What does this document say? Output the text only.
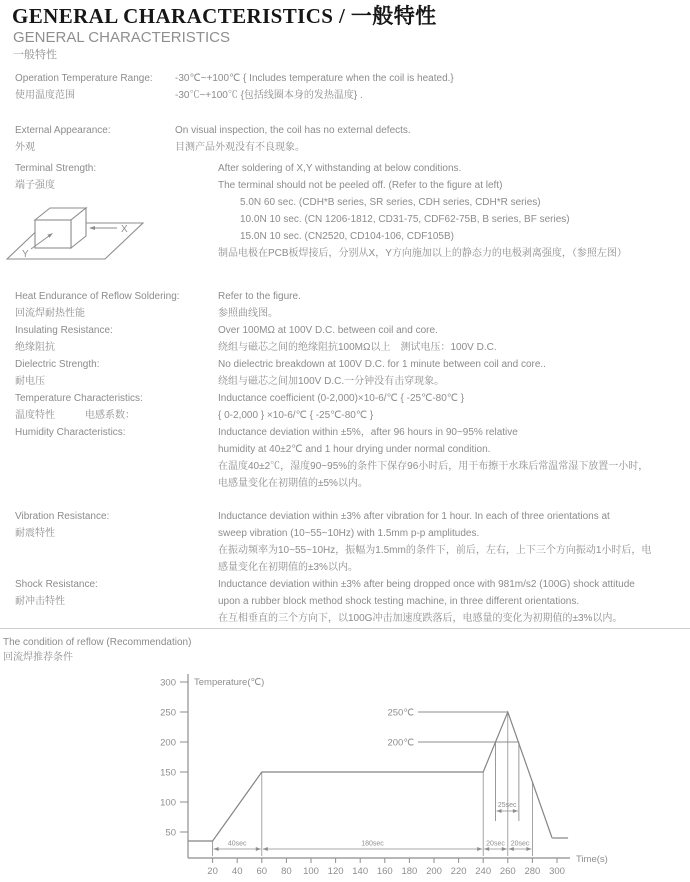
GENERAL CHARACTERISTICS / 一般特性
GENERAL CHARACTERISTICS
一般特性
Operation Temperature Range:
使用温度范围
-30℃~+100℃ { Includes temperature when the coil is heated.}
-30℃~+100℃ {包括线圈本身的发热温度} .
External Appearance:
外观
On visual inspection, the coil has no external defects.
目测产品外观没有不良现象。
Terminal Strength:
端子强度
X
Y
After soldering of X,Y withstanding at below conditions.
The terminal should not be peeled off. (Refer to the figure at left)
5.0N 60 sec. (CDH*B series, SR series, CDH series, CDH*R series)
10.0N 10 sec. (CN 1206-1812, CD31-75, CDF62-75B, B series, BF series)
15.0N 10 sec. (CN2520, CD104-106, CDF105B)
制品电极在PCB板焊接后，分别从X，Y方向施加以上的静态力的电极剥离强度，（参照左图）
Heat Endurance of Reflow Soldering:
回流焊耐热性能
Refer to the figure.
参照曲线图。
Insulating Resistance:
绝缘阻抗
Over 100MΩ at 100V D.C. between coil and core.
绕组与磁芯之间的绝缘阻抗100MΩ以上　测试电压：100V D.C.
Dielectric Strength:
耐电压
No dielectric breakdown at 100V D.C. for 1 minute between coil and core..
绕组与磁芯之间加100V D.C.一分钟没有击穿现象。
Temperature Characteristics:
温度特性　　　电感系数：
Inductance coefficient (0-2,000)×10-6/℃ { -25℃-80℃ }
{ 0-2,000 } ×10-6/℃ { -25℃-80℃ }
Humidity Characteristics:	Inductance deviation within ±5%，after 96 hours in 90~95% relative
humidity at 40±2℃ and 1 hour drying under normal condition.
在温度40±2℃，湿度90~95%的条件下保存96小时后，用干布擦干水珠后常温常湿下放置一小时，
电感量变化在初期值的±5%以内。
Vibration Resistance:
耐震特性
Inductance deviation within ±3% after vibration for 1 hour. In each of three orientations at
sweep vibration (10~55~10Hz) with 1.5mm p-p amplitudes.
在振动频率为10~55~10Hz，振幅为1.5mm的条件下，前后，左右，上下三个方向振动1小时后，电
感量变化在初期值的±3%以内。
Shock Resistance:
耐冲击特性
Inductance deviation within ±3% after being dropped once with 981m/s2 (100G) shock attitude
upon a rubber block method shock testing machine, in three different orientations.
在互相垂直的三个方向下，以100G冲击加速度跌落后，电感量的变化为初期值的±3%以内。
The condition of reflow (Recommendation)
回流焊推荐条件
Temperature(℃)
Time(s)
50
100
150
200
250
300
20 40 60 80 100 120 140 160 180 200 220 240 260 280 300
40sec	180sec	20sec 20sec
250℃
200℃
25sec
